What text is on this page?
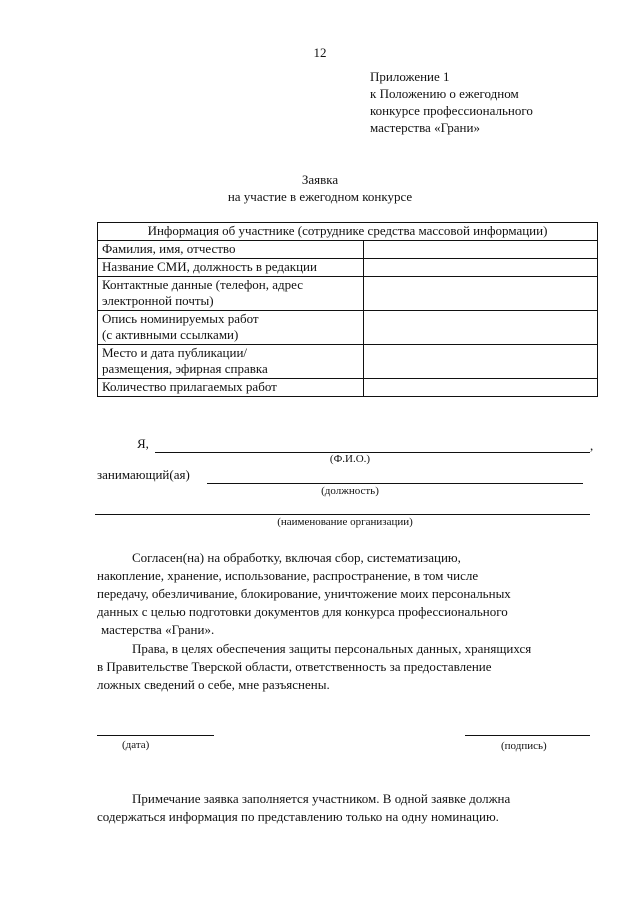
12
Приложение 1
к Положению о ежегодном
конкурсе профессионального
мастерства «Грани»
Заявка
на участие в ежегодном конкурсе
Информация об участнике (сотруднике средства массовой информации)	
Фамилия, имя, отчество	
Название СМИ, должность в редакции	

Контактные данные (телефон, адрес
электронной почты)	

Опись номинируемых работ
(с активными ссылками)	

Место и дата публикации/
размещения, эфирная справка	

Количество прилагаемых работ	
Я,	,
(Ф.И.О.)
занимающий(ая)
(должность)
(наименование организации)
Согласен(на) на обработку, включая сбор, систематизацию,
накопление, хранение, использование, распространение, в том числе
передачу, обезличивание, блокирование, уничтожение моих персональных
данных с целью подготовки документов для конкурса профессионального
мастерства «Грани».
Права, в целях обеспечения защиты персональных данных, хранящихся
в Правительстве Тверской области, ответственность за предоставление
ложных сведений о себе, мне разъяснены.
(дата)	(подпись)
Примечание заявка заполняется участником. В одной заявке должна
содержаться информация по представлению только на одну номинацию.
